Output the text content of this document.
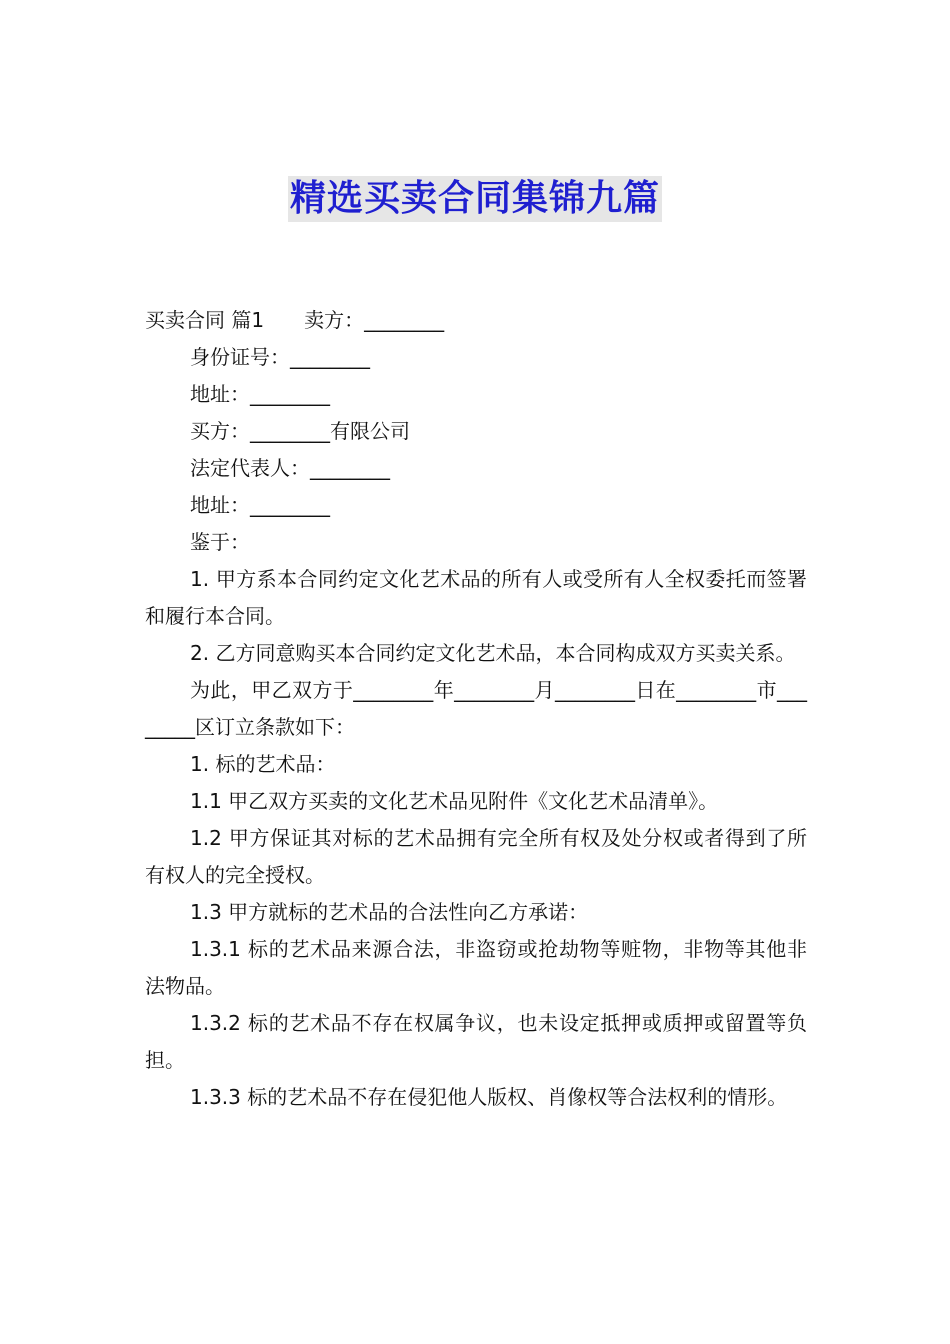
精选买卖合同集锦九篇

买卖合同 篇1　　卖方：________

身份证号：________

地址：________

买方：________有限公司

法定代表人：________

地址：________

鉴于：

1. 甲方系本合同约定文化艺术品的所有人或受所有人全权委托而签署和履行本合同。

2. 乙方同意购买本合同约定文化艺术品，本合同构成双方买卖关系。

为此，甲乙双方于________年________月________日在________市________区订立条款如下：

1. 标的艺术品：

1.1 甲乙双方买卖的文化艺术品见附件《文化艺术品清单》。

1.2 甲方保证其对标的艺术品拥有完全所有权及处分权或者得到了所有权人的完全授权。

1.3 甲方就标的艺术品的合法性向乙方承诺：

1.3.1 标的艺术品来源合法，非盗窃或抢劫物等赃物，非物等其他非法物品。

1.3.2 标的艺术品不存在权属争议，也未设定抵押或质押或留置等负担。

1.3.3 标的艺术品不存在侵犯他人版权、肖像权等合法权利的情形。
